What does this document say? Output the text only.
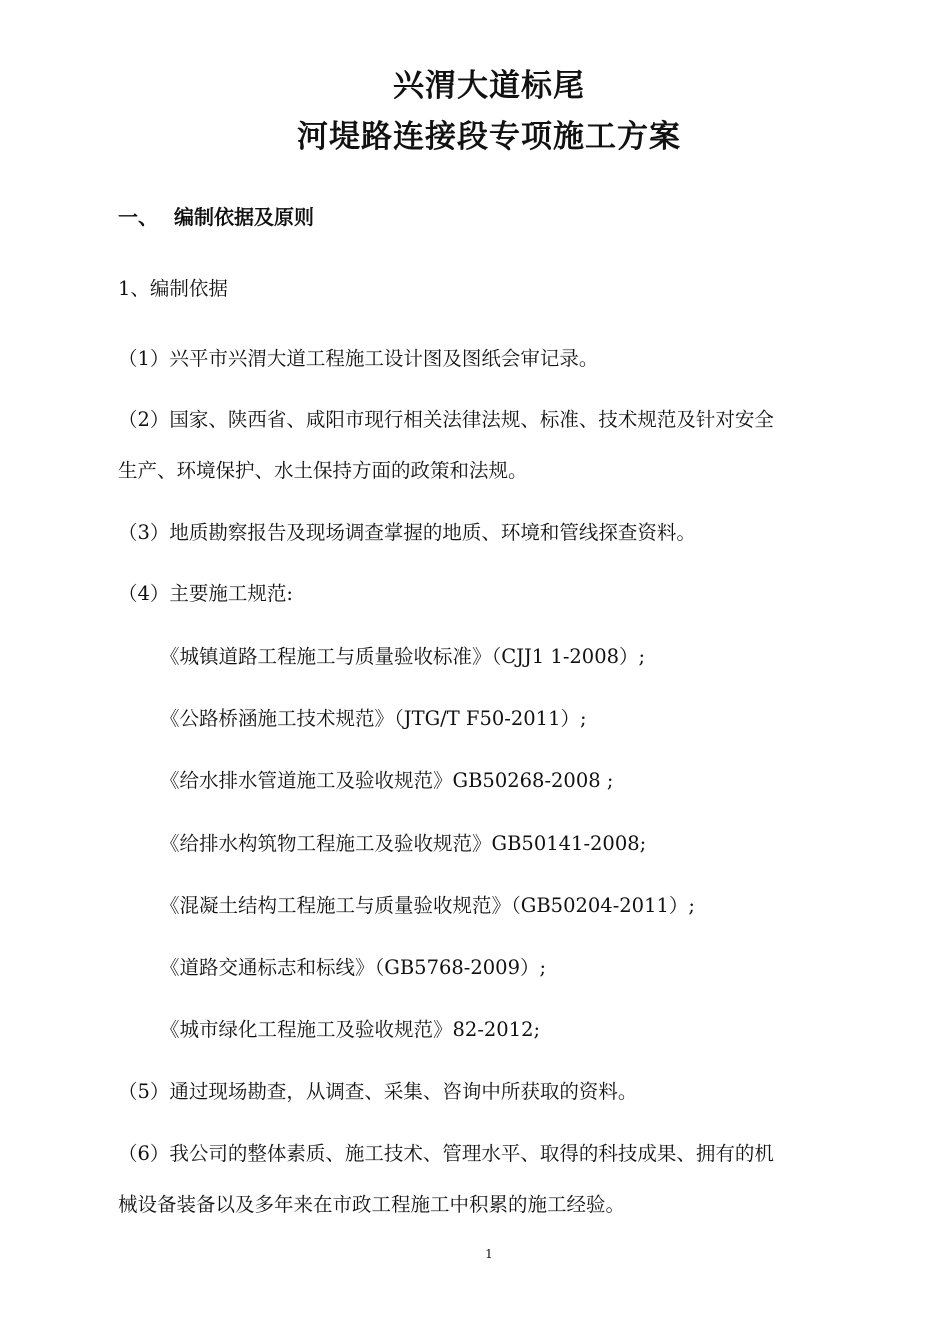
兴渭大道标尾
河堤路连接段专项施工方案
一、 编制依据及原则
1、编制依据
（1）兴平市兴渭大道工程施工设计图及图纸会审记录。
（2）国家、陕西省、咸阳市现行相关法律法规、标准、技术规范及针对安全
生产、环境保护、水土保持方面的政策和法规。
（3）地质勘察报告及现场调查掌握的地质、环境和管线探查资料。
（4）主要施工规范:
《城镇道路工程施工与质量验收标准》（CJJ1 1-2008）;
《公路桥涵施工技术规范》（JTG/T F50-2011）;
《给水排水管道施工及验收规范》GB50268-2008 ;
《给排水构筑物工程施工及验收规范》GB50141-2008;
《混凝土结构工程施工与质量验收规范》（GB50204-2011）;
《道路交通标志和标线》（GB5768-2009）;
《城市绿化工程施工及验收规范》82-2012;
（5）通过现场勘查，从调查、采集、咨询中所获取的资料。
（6）我公司的整体素质、施工技术、管理水平、取得的科技成果、拥有的机
械设备装备以及多年来在市政工程施工中积累的施工经验。
1
